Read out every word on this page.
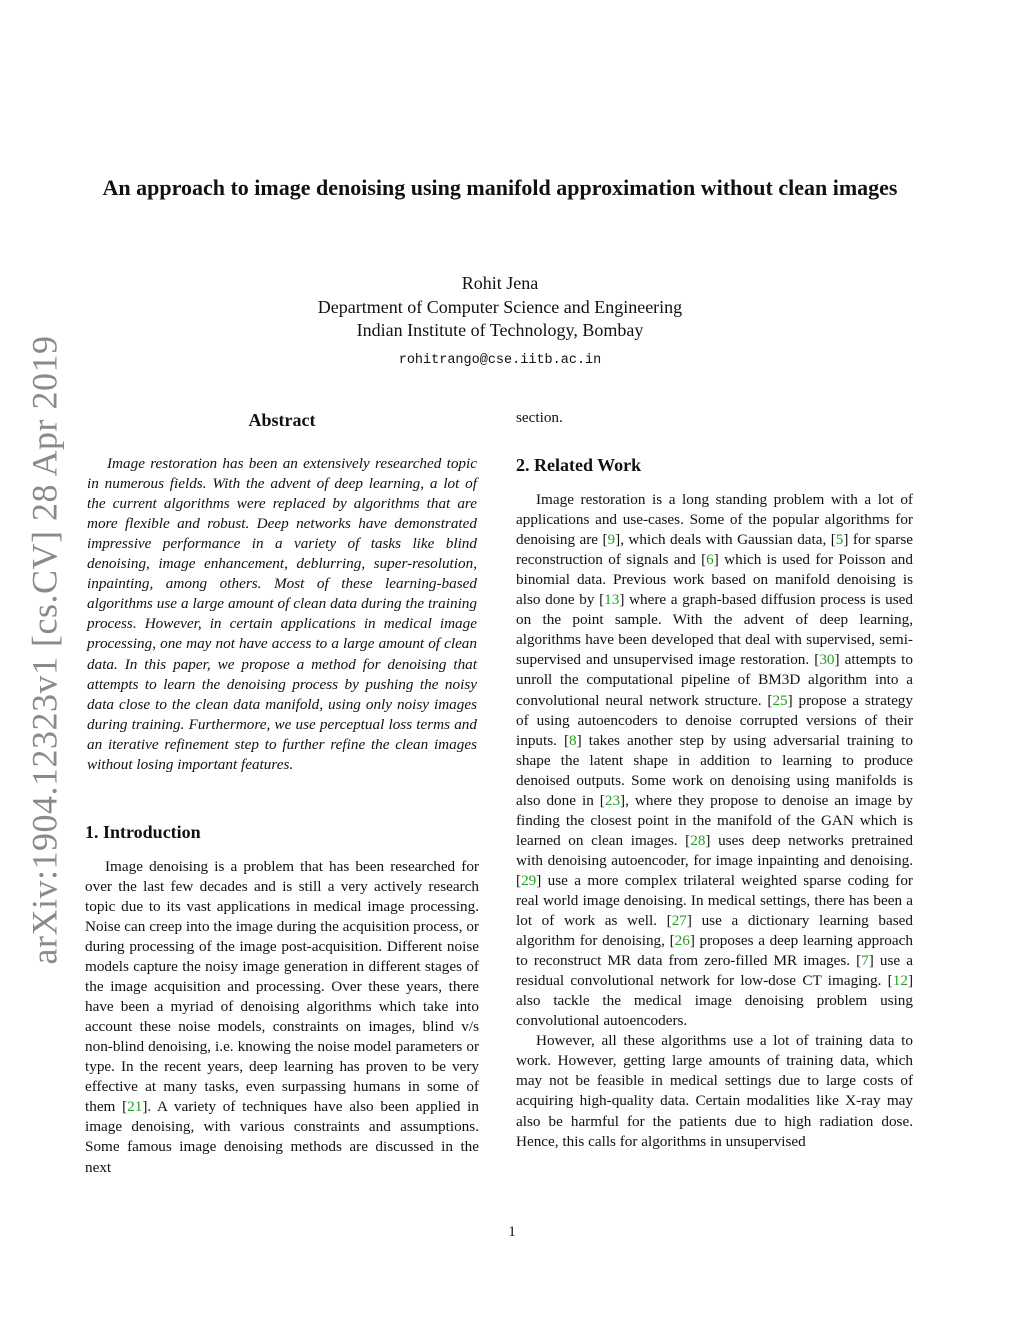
arXiv:1904.12323v1 [cs.CV] 28 Apr 2019
An approach to image denoising using manifold approximation without clean images
Rohit Jena
Department of Computer Science and Engineering
Indian Institute of Technology, Bombay
rohitrango@cse.iitb.ac.in
Abstract

Image restoration has been an extensively researched topic in numerous fields. With the advent of deep learning, a lot of the current algorithms were replaced by algorithms that are more flexible and robust. Deep networks have demonstrated impressive performance in a variety of tasks like blind denoising, image enhancement, deblurring, super-resolution, inpainting, among others. Most of these learning-based algorithms use a large amount of clean data during the training process. However, in certain applications in medical image processing, one may not have access to a large amount of clean data. In this paper, we propose a method for denoising that attempts to learn the denoising process by pushing the noisy data close to the clean data manifold, using only noisy images during training. Furthermore, we use perceptual loss terms and an iterative refinement step to further refine the clean images without losing important features.

1. Introduction

Image denoising is a problem that has been researched for over the last few decades and is still a very actively research topic due to its vast applications in medical image processing. Noise can creep into the image during the acquisition process, or during processing of the image post-acquisition. Different noise models capture the noisy image generation in different stages of the image acquisition and processing. Over these years, there have been a myriad of denoising algorithms which take into account these noise models, constraints on images, blind v/s non-blind denoising, i.e. knowing the noise model parameters or type. In the recent years, deep learning has proven to be very effective at many tasks, even surpassing humans in some of them [21]. A variety of techniques have also been applied in image denoising, with various constraints and assumptions. Some famous image denoising methods are discussed in the next

section.

2. Related Work

Image restoration is a long standing problem with a lot of applications and use-cases. Some of the popular algorithms for denoising are [9], which deals with Gaussian data, [5] for sparse reconstruction of signals and [6] which is used for Poisson and binomial data. Previous work based on manifold denoising is also done by [13] where a graph-based diffusion process is used on the point sample. With the advent of deep learning, algorithms have been developed that deal with supervised, semi-supervised and unsupervised image restoration. [30] attempts to unroll the computational pipeline of BM3D algorithm into a convolutional neural network structure. [25] propose a strategy of using autoencoders to denoise corrupted versions of their inputs. [8] takes another step by using adversarial training to shape the latent shape in addition to learning to produce denoised outputs. Some work on denoising using manifolds is also done in [23], where they propose to denoise an image by finding the closest point in the manifold of the GAN which is learned on clean images. [28] uses deep networks pretrained with denoising autoencoder, for image inpainting and denoising. [29] use a more complex trilateral weighted sparse coding for real world image denoising. In medical settings, there has been a lot of work as well. [27] use a dictionary learning based algorithm for denoising, [26] proposes a deep learning approach to reconstruct MR data from zero-filled MR images. [7] use a residual convolutional network for low-dose CT imaging. [12] also tackle the medical image denoising problem using convolutional autoencoders.

However, all these algorithms use a lot of training data to work. However, getting large amounts of training data, which may not be feasible in medical settings due to large costs of acquiring high-quality data. Certain modalities like X-ray may also be harmful for the patients due to high radiation dose. Hence, this calls for algorithms in unsupervised

1
